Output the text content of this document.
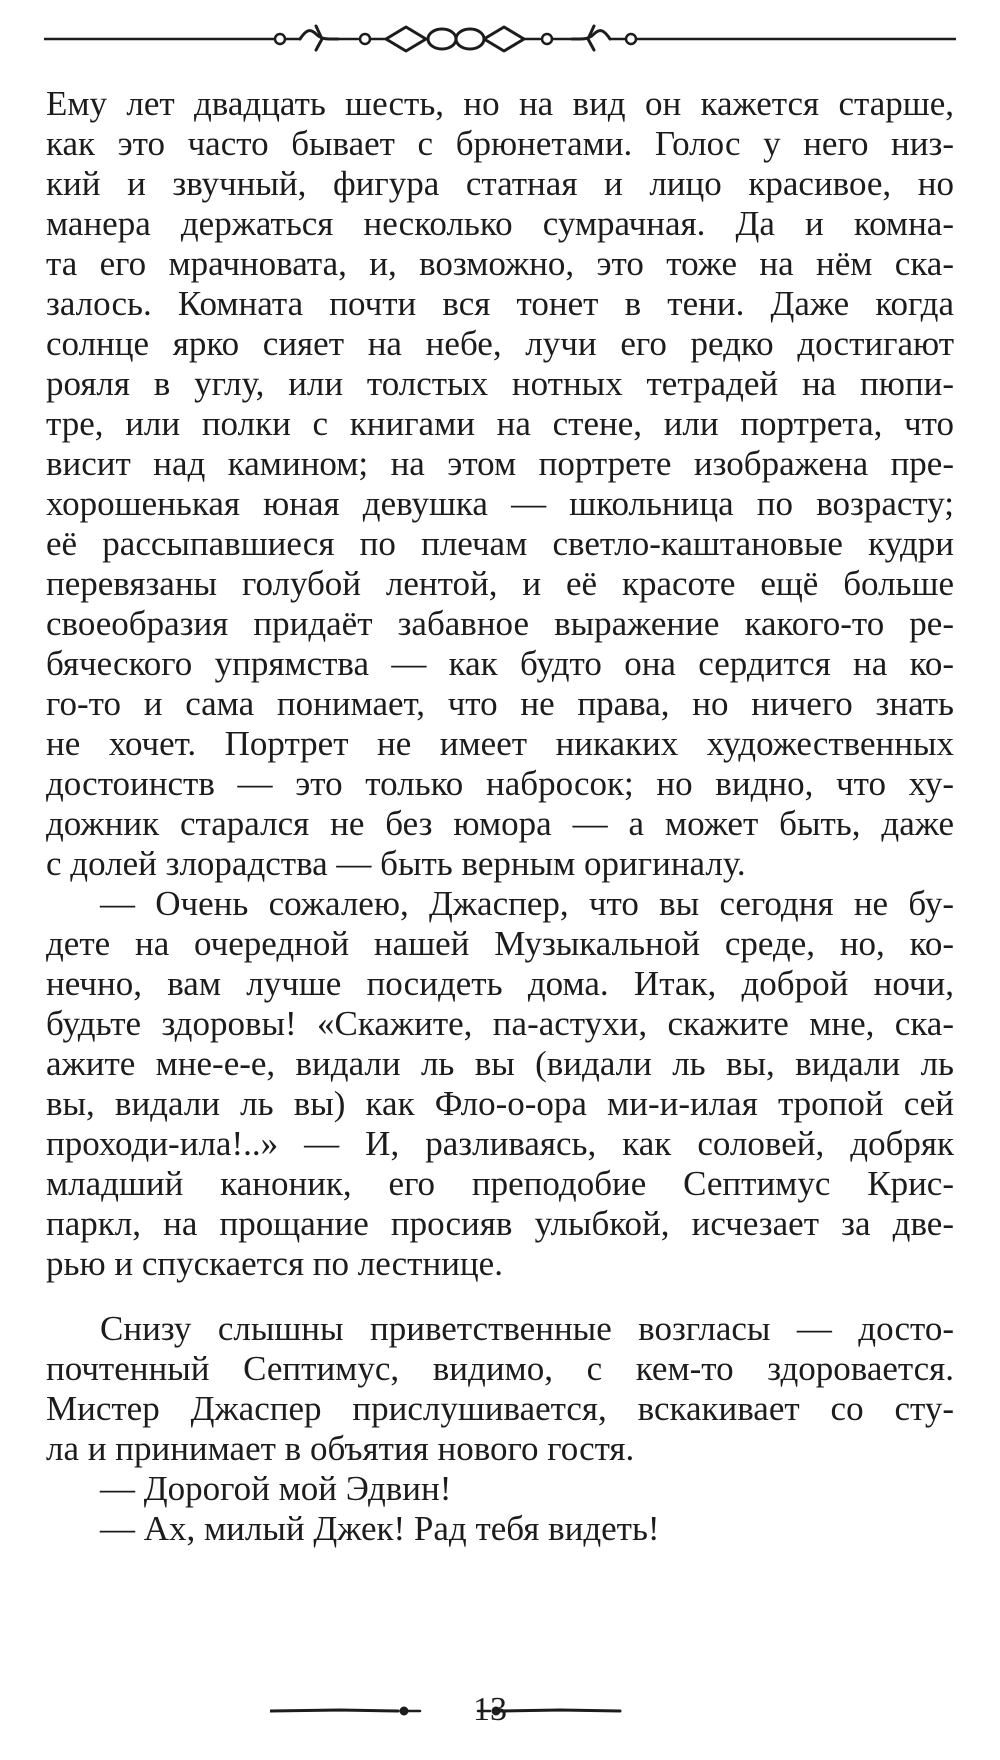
Ему лет двадцать шесть, но на вид он кажется старше,
как это часто бывает с брюнетами. Голос у него низ-
кий и звучный, фигура статная и лицо красивое, но
манера держаться несколько сумрачная. Да и комна-
та его мрачновата, и, возможно, это тоже на нём ска-
залось. Комната почти вся тонет в тени. Даже когда
солнце ярко сияет на небе, лучи его редко достигают
рояля в углу, или толстых нотных тетрадей на пюпи-
тре, или полки с книгами на стене, или портрета, что
висит над камином; на этом портрете изображена пре-
хорошенькая юная девушка — школьница по возрасту;
её рассыпавшиеся по плечам светло-каштановые кудри
перевязаны голубой лентой, и её красоте ещё больше
своеобразия придаёт забавное выражение какого-то ре-
бяческого упрямства — как будто она сердится на ко-
го-то и сама понимает, что не права, но ничего знать
не хочет. Портрет не имеет никаких художественных
достоинств — это только набросок; но видно, что ху-
дожник старался не без юмора — а может быть, даже
с долей злорадства — быть верным оригиналу.
— Очень сожалею, Джаспер, что вы сегодня не бу-
дете на очередной нашей Музыкальной среде, но, ко-
нечно, вам лучше посидеть дома. Итак, доброй ночи,
будьте здоровы! «Скажите, па-астухи, скажите мне, ска-
ажите мне-е-е, видали ль вы (видали ль вы, видали ль
вы, видали ль вы) как Фло-о-ора ми-и-илая тропой сей
проходи-ила!..» — И, разливаясь, как соловей, добряк
младший каноник, его преподобие Септимус Крис-
паркл, на прощание просияв улыбкой, исчезает за две-
рью и спускается по лестнице.
Снизу слышны приветственные возгласы — досто-
почтенный Септимус, видимо, с кем-то здоровается.
Мистер Джаспер прислушивается, вскакивает со сту-
ла и принимает в объятия нового гостя.
— Дорогой мой Эдвин!
— Ах, милый Джек! Рад тебя видеть!
13
